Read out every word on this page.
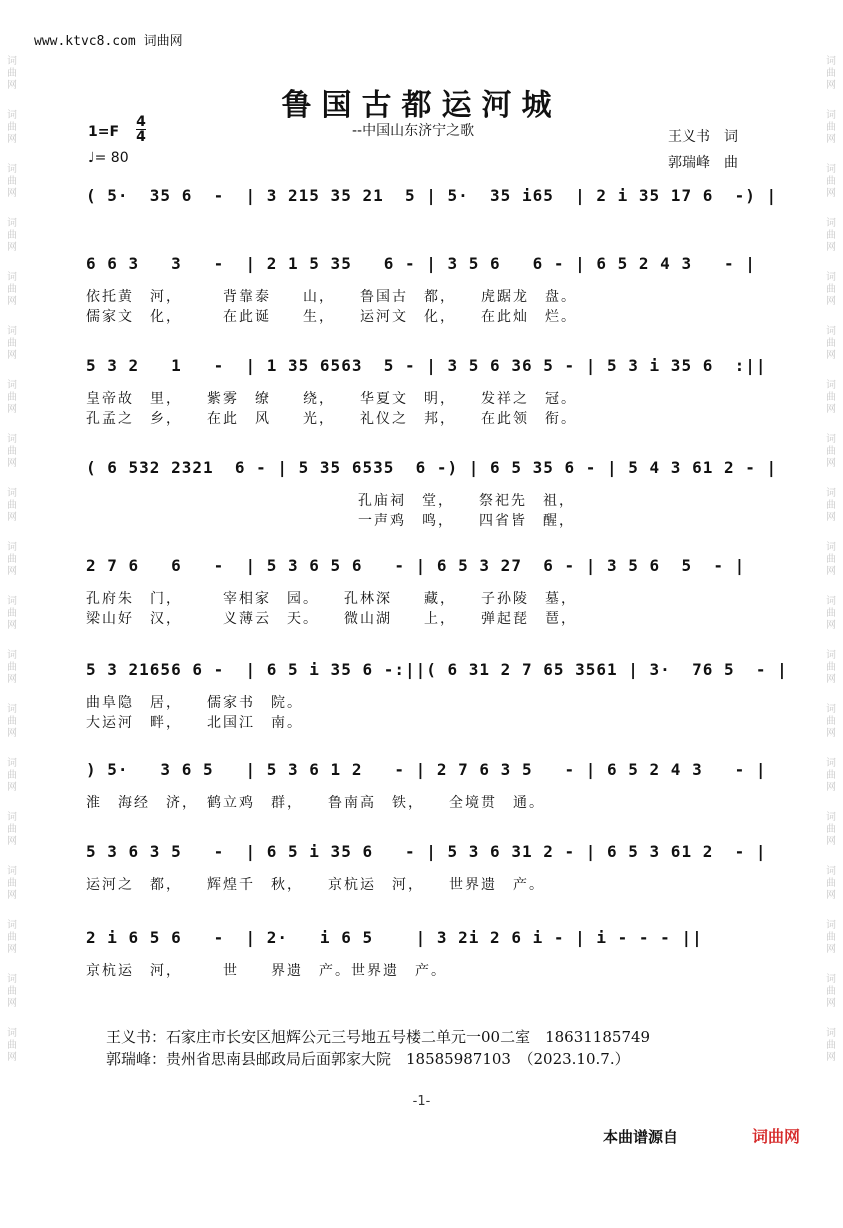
词
曲
网
词
曲
网
词
曲
网
词
曲
网
词
曲
网
词
曲
网
词
曲
网
词
曲
网
词
曲
网
词
曲
网
词
曲
网
词
曲
网
词
曲
网
词
曲
网
词
曲
网
词
曲
网
词
曲
网
词
曲
网
词
曲
网
词
曲
网
词
曲
网
词
曲
网
词
曲
网
词
曲
网
词
曲
网
词
曲
网
词
曲
网
词
曲
网
词
曲
网
词
曲
网
词
曲
网
词
曲
网
词
曲
网
词
曲
网
词
曲
网
词
曲
网
词
曲
网
词
曲
网
www.ktvc8.com 词曲网
鲁国古都运河城
--中国山东济宁之歌
1=F
4
4
♩= 80
王义书　词
郭瑞峰　曲
( 5·  35 6  -  | 3 215 35 21  5 | 5·  35 i65  | 2 i 35 17 6  -) |
6 6 3   3   -  | 2 1 5 35   6 - | 3 5 6   6 - | 6 5 2 4 3   - |
依托黄　河，　　　背靠泰　　山，　　鲁国古　都，　　虎踞龙　盘。
儒家文　化，　　　在此诞　　生，　　运河文　化，　　在此灿　烂。
5 3 2   1   -  | 1 35 6563  5 - | 3 5 6 36 5 - | 5 3 i 35 6  :||
皇帝故　里，　　紫雾　缭　　绕，　　华夏文　明，　　发祥之　冠。
孔孟之　乡，　　在此　风　　光，　　礼仪之　邦，　　在此领　衔。
( 6 532 2321  6 - | 5 35 6535  6 -) | 6 5 35 6 - | 5 4 3 61 2 - |
　　　　　　　　　　　　　　　　　孔庙祠　堂，　　祭祀先　祖，
　　　　　　　　　　　　　　　　　一声鸡　鸣，　　四省皆　醒，
2 7 6   6   -  | 5 3 6 5 6   - | 6 5 3 27  6 - | 3 5 6  5  - |
孔府朱　门，　　　宰相家　园。　　孔林深　　藏，　　子孙陵　墓，
梁山好　汉，　　　义薄云　天。　　微山湖　　上，　　弹起琵　琶，
5 3 21656 6 -  | 6 5 i 35 6 -:||( 6 31 2 7 65 3561 | 3·  76 5  - |
曲阜隐　居，　　儒家书　院。
大运河　畔，　　北国江　南。
) 5·   3 6 5   | 5 3 6 1 2   - | 2 7 6 3 5   - | 6 5 2 4 3   - |
淮　海经　济，　鹤立鸡　群，　　鲁南高　铁，　　全境贯　通。
5 3 6 3 5   -  | 6 5 i 35 6   - | 5 3 6 31 2 - | 6 5 3 61 2  - |
运河之　都，　　辉煌千　秋，　　京杭运　河，　　世界遗　产。
2 i 6 5 6   -  | 2·   i 6 5    | 3 2i 2 6 i - | i - - - ||
京杭运　河，　　　世　　界遗　产。世界遗　产。
王义书：石家庄市长安区旭辉公元三号地五号楼二单元一00二室　18631185749
郭瑞峰：贵州省思南县邮政局后面郭家大院　18585987103　（2023.10.7.）
-1-
本曲谱源自	词曲网
